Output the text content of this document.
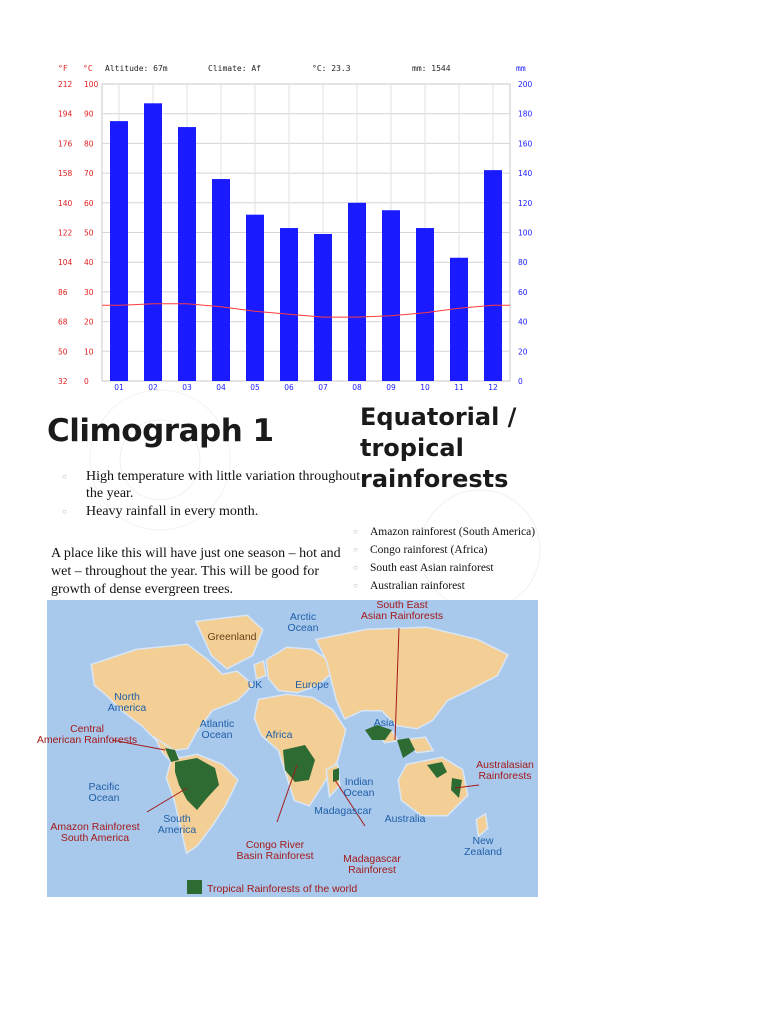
°F °C Altitude: 67m	Climate: Af	°C: 23.3	mm: 1544	mm
212 100	200
194 90	180
176 80	160
158 70	140
140 60	120
122 50	100
104 40	80
86 30	60
68 20	40
50 10	20
32 0	0
01	02	03	04	05	06	07	08	09	10	11	12
Climograph 1	Equatorial / tropical rainforests
○ High temperature with little variation throughout the year.
○ Heavy rainfall in every month.
A place like this will have just one season – hot and wet – throughout the year. This will be good for growth of dense evergreen trees.
○ Amazon rainforest (South America)
○ Congo rainforest (Africa)
○ South east Asian rainforest
○ Australian rainforest
Arctic Ocean
Greenland
North America
UK	Europe
Asia
Atlantic Ocean	Africa
Pacific Ocean
South America
Indian Ocean
Madagascar
Australia
New Zealand
South East Asian Rainforests
Central American Rainforests
Amazon Rainforest South America
Congo River Basin Rainforest	Madagascar Rainforest
Australasian Rainforests
Tropical Rainforests of the world
